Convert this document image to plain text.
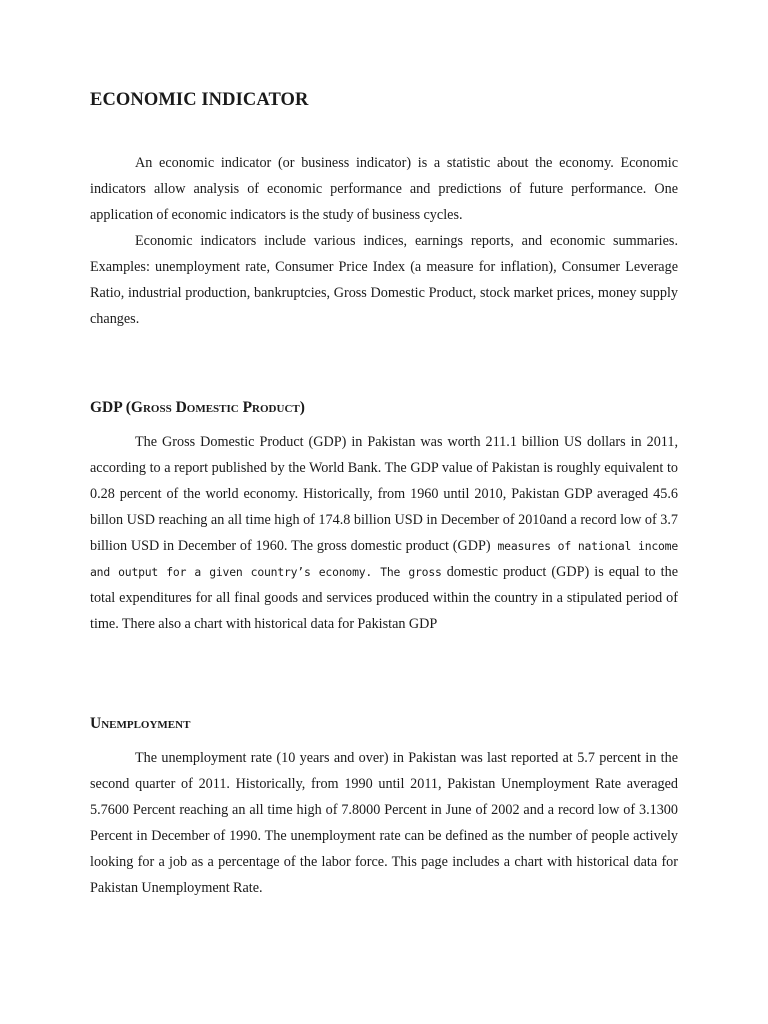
ECONOMIC INDICATOR

An economic indicator (or business indicator) is a statistic about the economy. Economic indicators allow analysis of economic performance and predictions of future performance. One application of economic indicators is the study of business cycles.

Economic indicators include various indices, earnings reports, and economic summaries. Examples: unemployment rate, Consumer Price Index (a measure for inflation), Consumer Leverage Ratio, industrial production, bankruptcies, Gross Domestic Product, stock market prices, money supply changes.

GDP (Gross Domestic Product)

The Gross Domestic Product (GDP) in Pakistan was worth 211.1 billion US dollars in 2011, according to a report published by the World Bank. The GDP value of Pakistan is roughly equivalent to 0.28 percent of the world economy. Historically, from 1960 until 2010, Pakistan GDP averaged 45.6 billon USD reaching an all time high of 174.8 billion USD in December of 2010and a record low of 3.7 billion USD in December of 1960. The gross domestic product (GDP) measures of national income and output for a given country’s economy. The gross domestic product (GDP) is equal to the total expenditures for all final goods and services produced within the country in a stipulated period of time. There also a chart with historical data for Pakistan GDP

Unemployment

The unemployment rate (10 years and over) in Pakistan was last reported at 5.7 percent in the second quarter of 2011. Historically, from 1990 until 2011, Pakistan Unemployment Rate averaged 5.7600 Percent reaching an all time high of 7.8000 Percent in June of 2002 and a record low of 3.1300 Percent in December of 1990. The unemployment rate can be defined as the number of people actively looking for a job as a percentage of the labor force. This page includes a chart with historical data for Pakistan Unemployment Rate.
